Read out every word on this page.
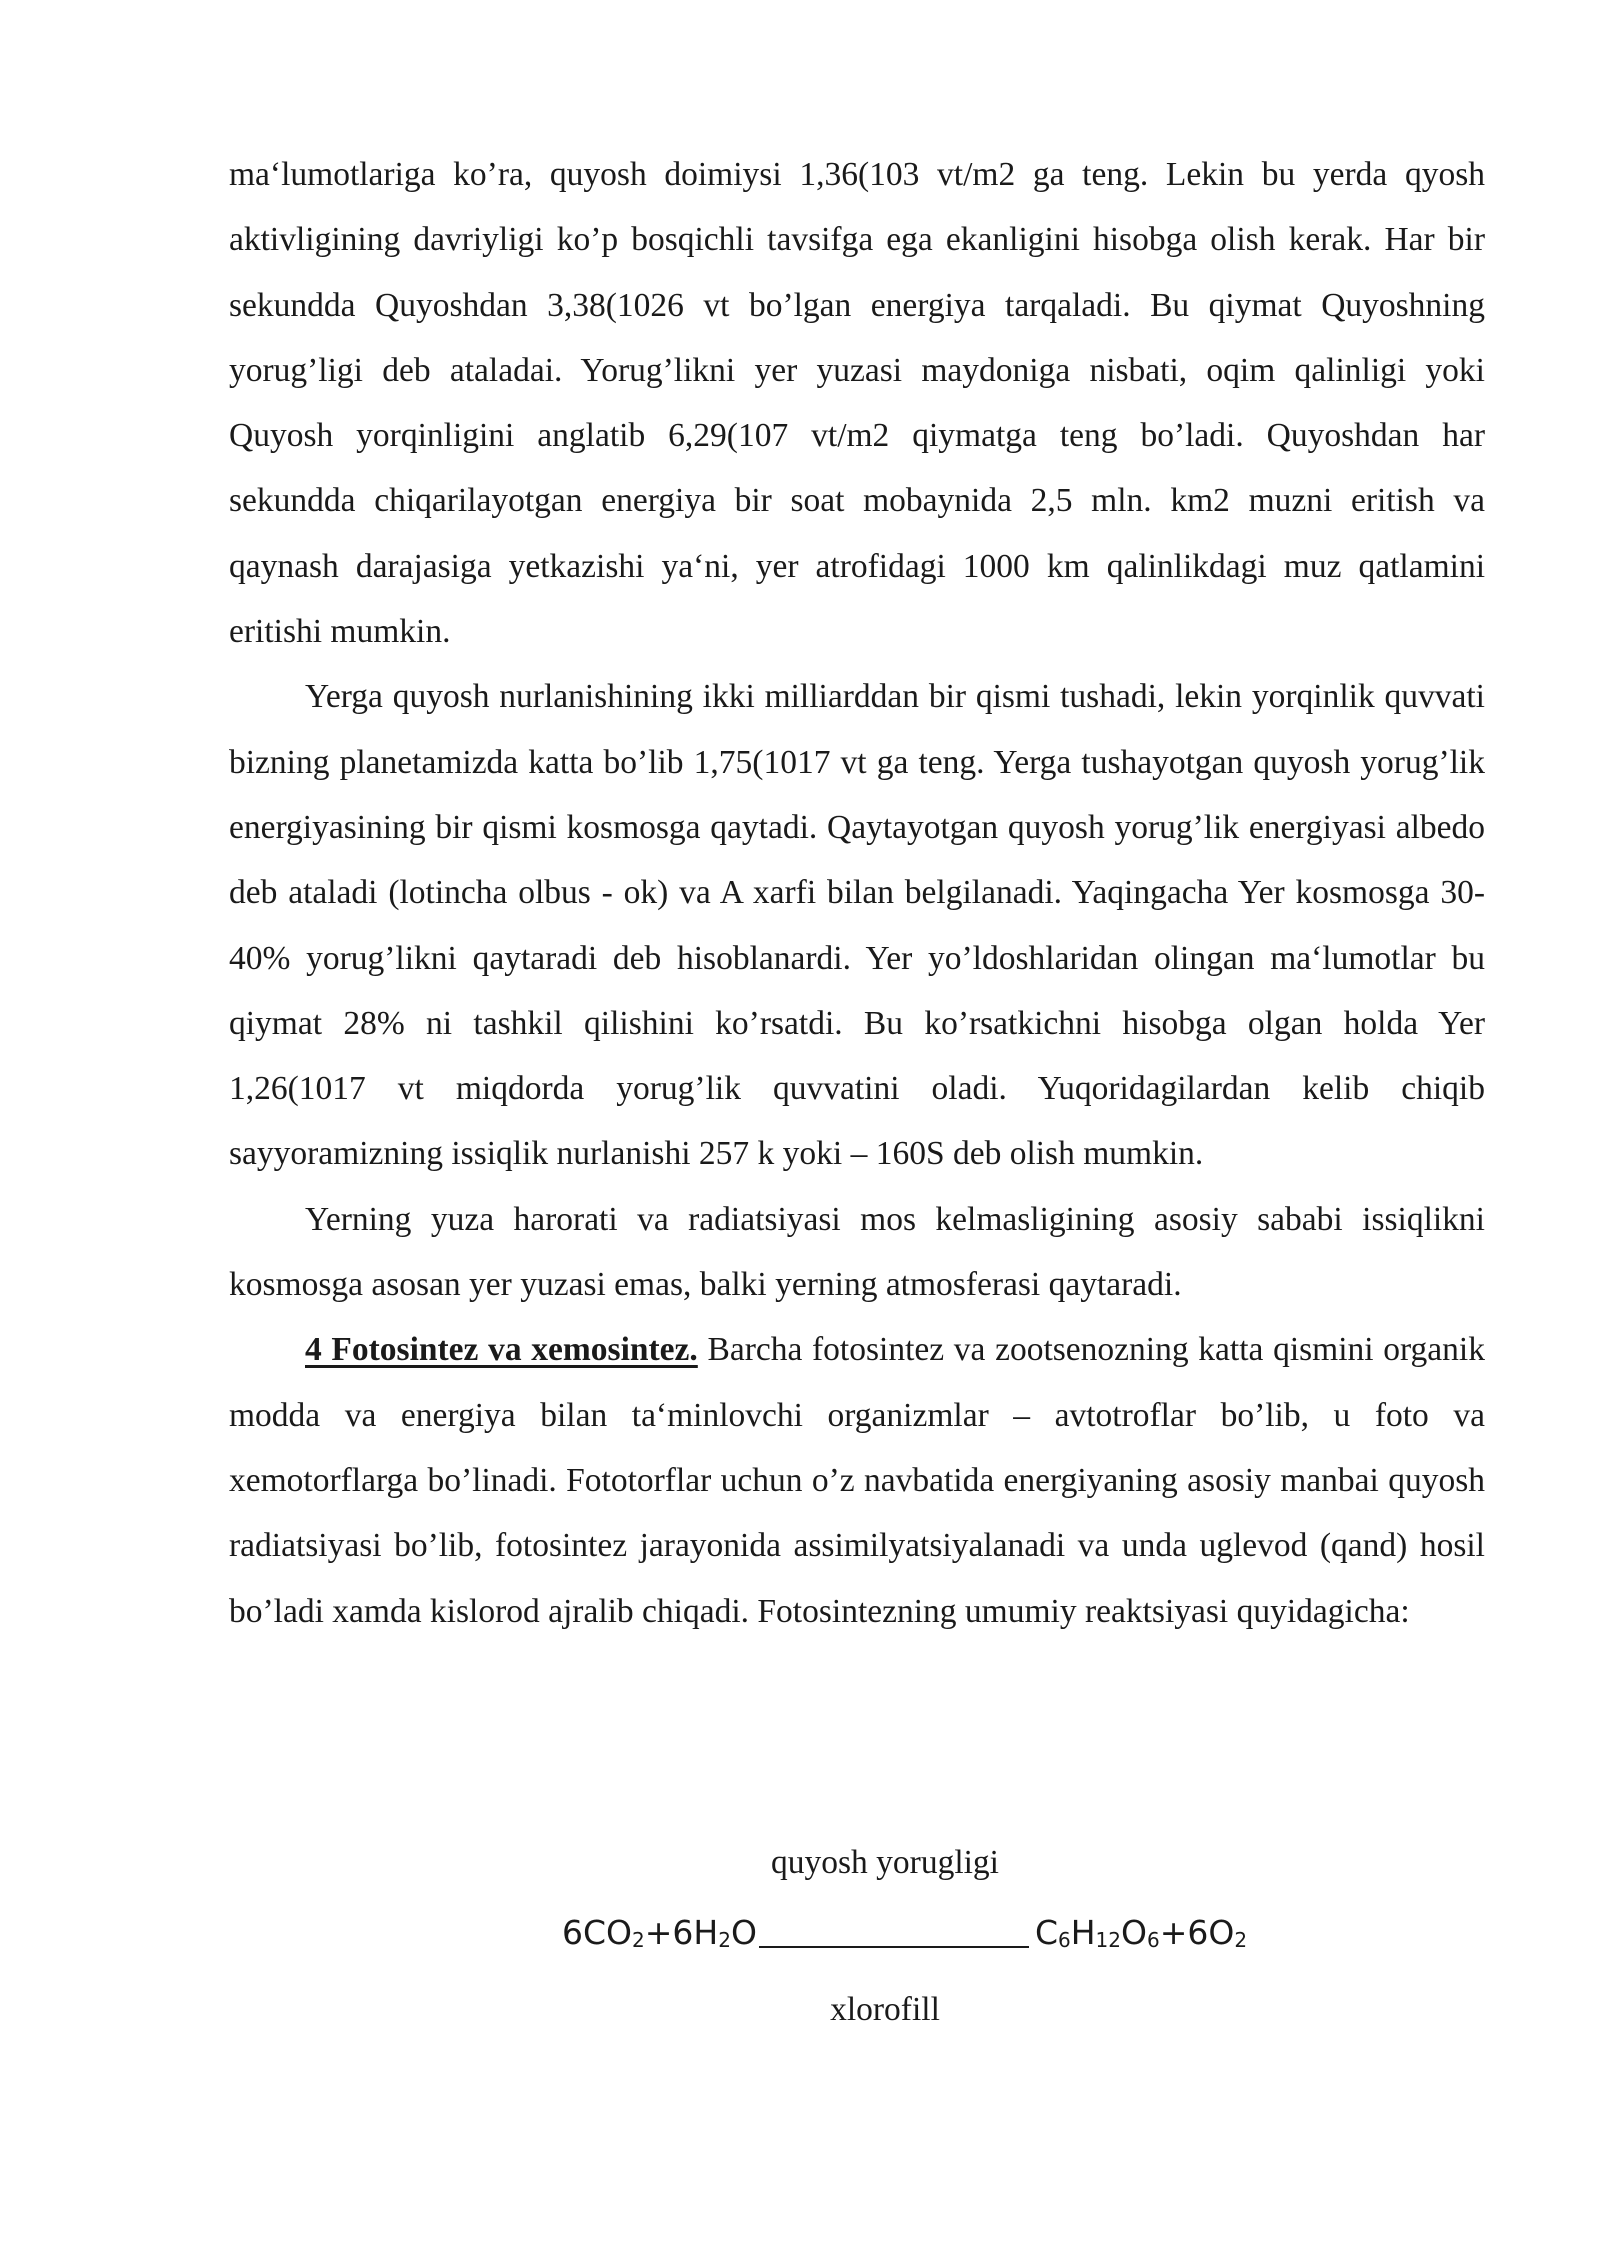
ma‘lumotlariga ko’ra, quyosh doimiysi 1,36(103 vt/m2 ga teng. Lekin bu yerda qyosh aktivligining davriyligi ko’p bosqichli tavsifga ega ekanligini hisobga olish kerak. Har bir sekundda Quyoshdan 3,38(1026 vt bo’lgan energiya tarqaladi. Bu qiymat Quyoshning yorug’ligi deb ataladai. Yorug’likni yer yuzasi maydoniga nisbati, oqim qalinligi yoki Quyosh yorqinligini anglatib 6,29(107 vt/m2 qiymatga teng bo’ladi. Quyoshdan har sekundda chiqarilayotgan energiya bir soat mobaynida 2,5 mln. km2 muzni eritish va qaynash darajasiga yetkazishi ya‘ni, yer atrofidagi 1000 km qalinlikdagi muz qatlamini eritishi mumkin.

Yerga quyosh nurlanishining ikki milliarddan bir qismi tushadi, lekin yorqinlik quvvati bizning planetamizda katta bo’lib 1,75(1017 vt ga teng. Yerga tushayotgan quyosh yorug’lik energiyasining bir qismi kosmosga qaytadi. Qaytayotgan quyosh yorug’lik energiyasi albedo deb ataladi (lotincha olbus - ok) va A xarfi bilan belgilanadi. Yaqingacha Yer kosmosga 30-40% yorug’likni qaytaradi deb hisoblanardi. Yer yo’ldoshlaridan olingan ma‘lumotlar bu qiymat 28% ni tashkil qilishini ko’rsatdi. Bu ko’rsatkichni hisobga olgan holda Yer 1,26(1017 vt miqdorda yorug’lik quvvatini oladi. Yuqoridagilardan kelib chiqib sayyoramizning issiqlik nurlanishi 257 k yoki – 160S deb olish mumkin.

Yerning yuza harorati va radiatsiyasi mos kelmasligining asosiy sababi issiqlikni kosmosga asosan yer yuzasi emas, balki yerning atmosferasi qaytaradi.

4 Fotosintez va xemosintez. Barcha fotosintez va zootsenozning katta qismini organik modda va energiya bilan ta‘minlovchi organizmlar – avtotroflar bo’lib, u foto va xemotorflarga bo’linadi. Fototorflar uchun o’z navbatida energiyaning asosiy manbai quyosh radiatsiyasi bo’lib, fotosintez jarayonida assimilyatsiyalanadi va unda uglevod (qand) hosil bo’ladi xamda kislorod ajralib chiqadi. Fotosintezning umumiy reaktsiyasi quyidagicha:

quyosh yorugligi
$6CO_2+6H_2O$	$C_6H_{12}O_6+6O_2$
xlorofill
